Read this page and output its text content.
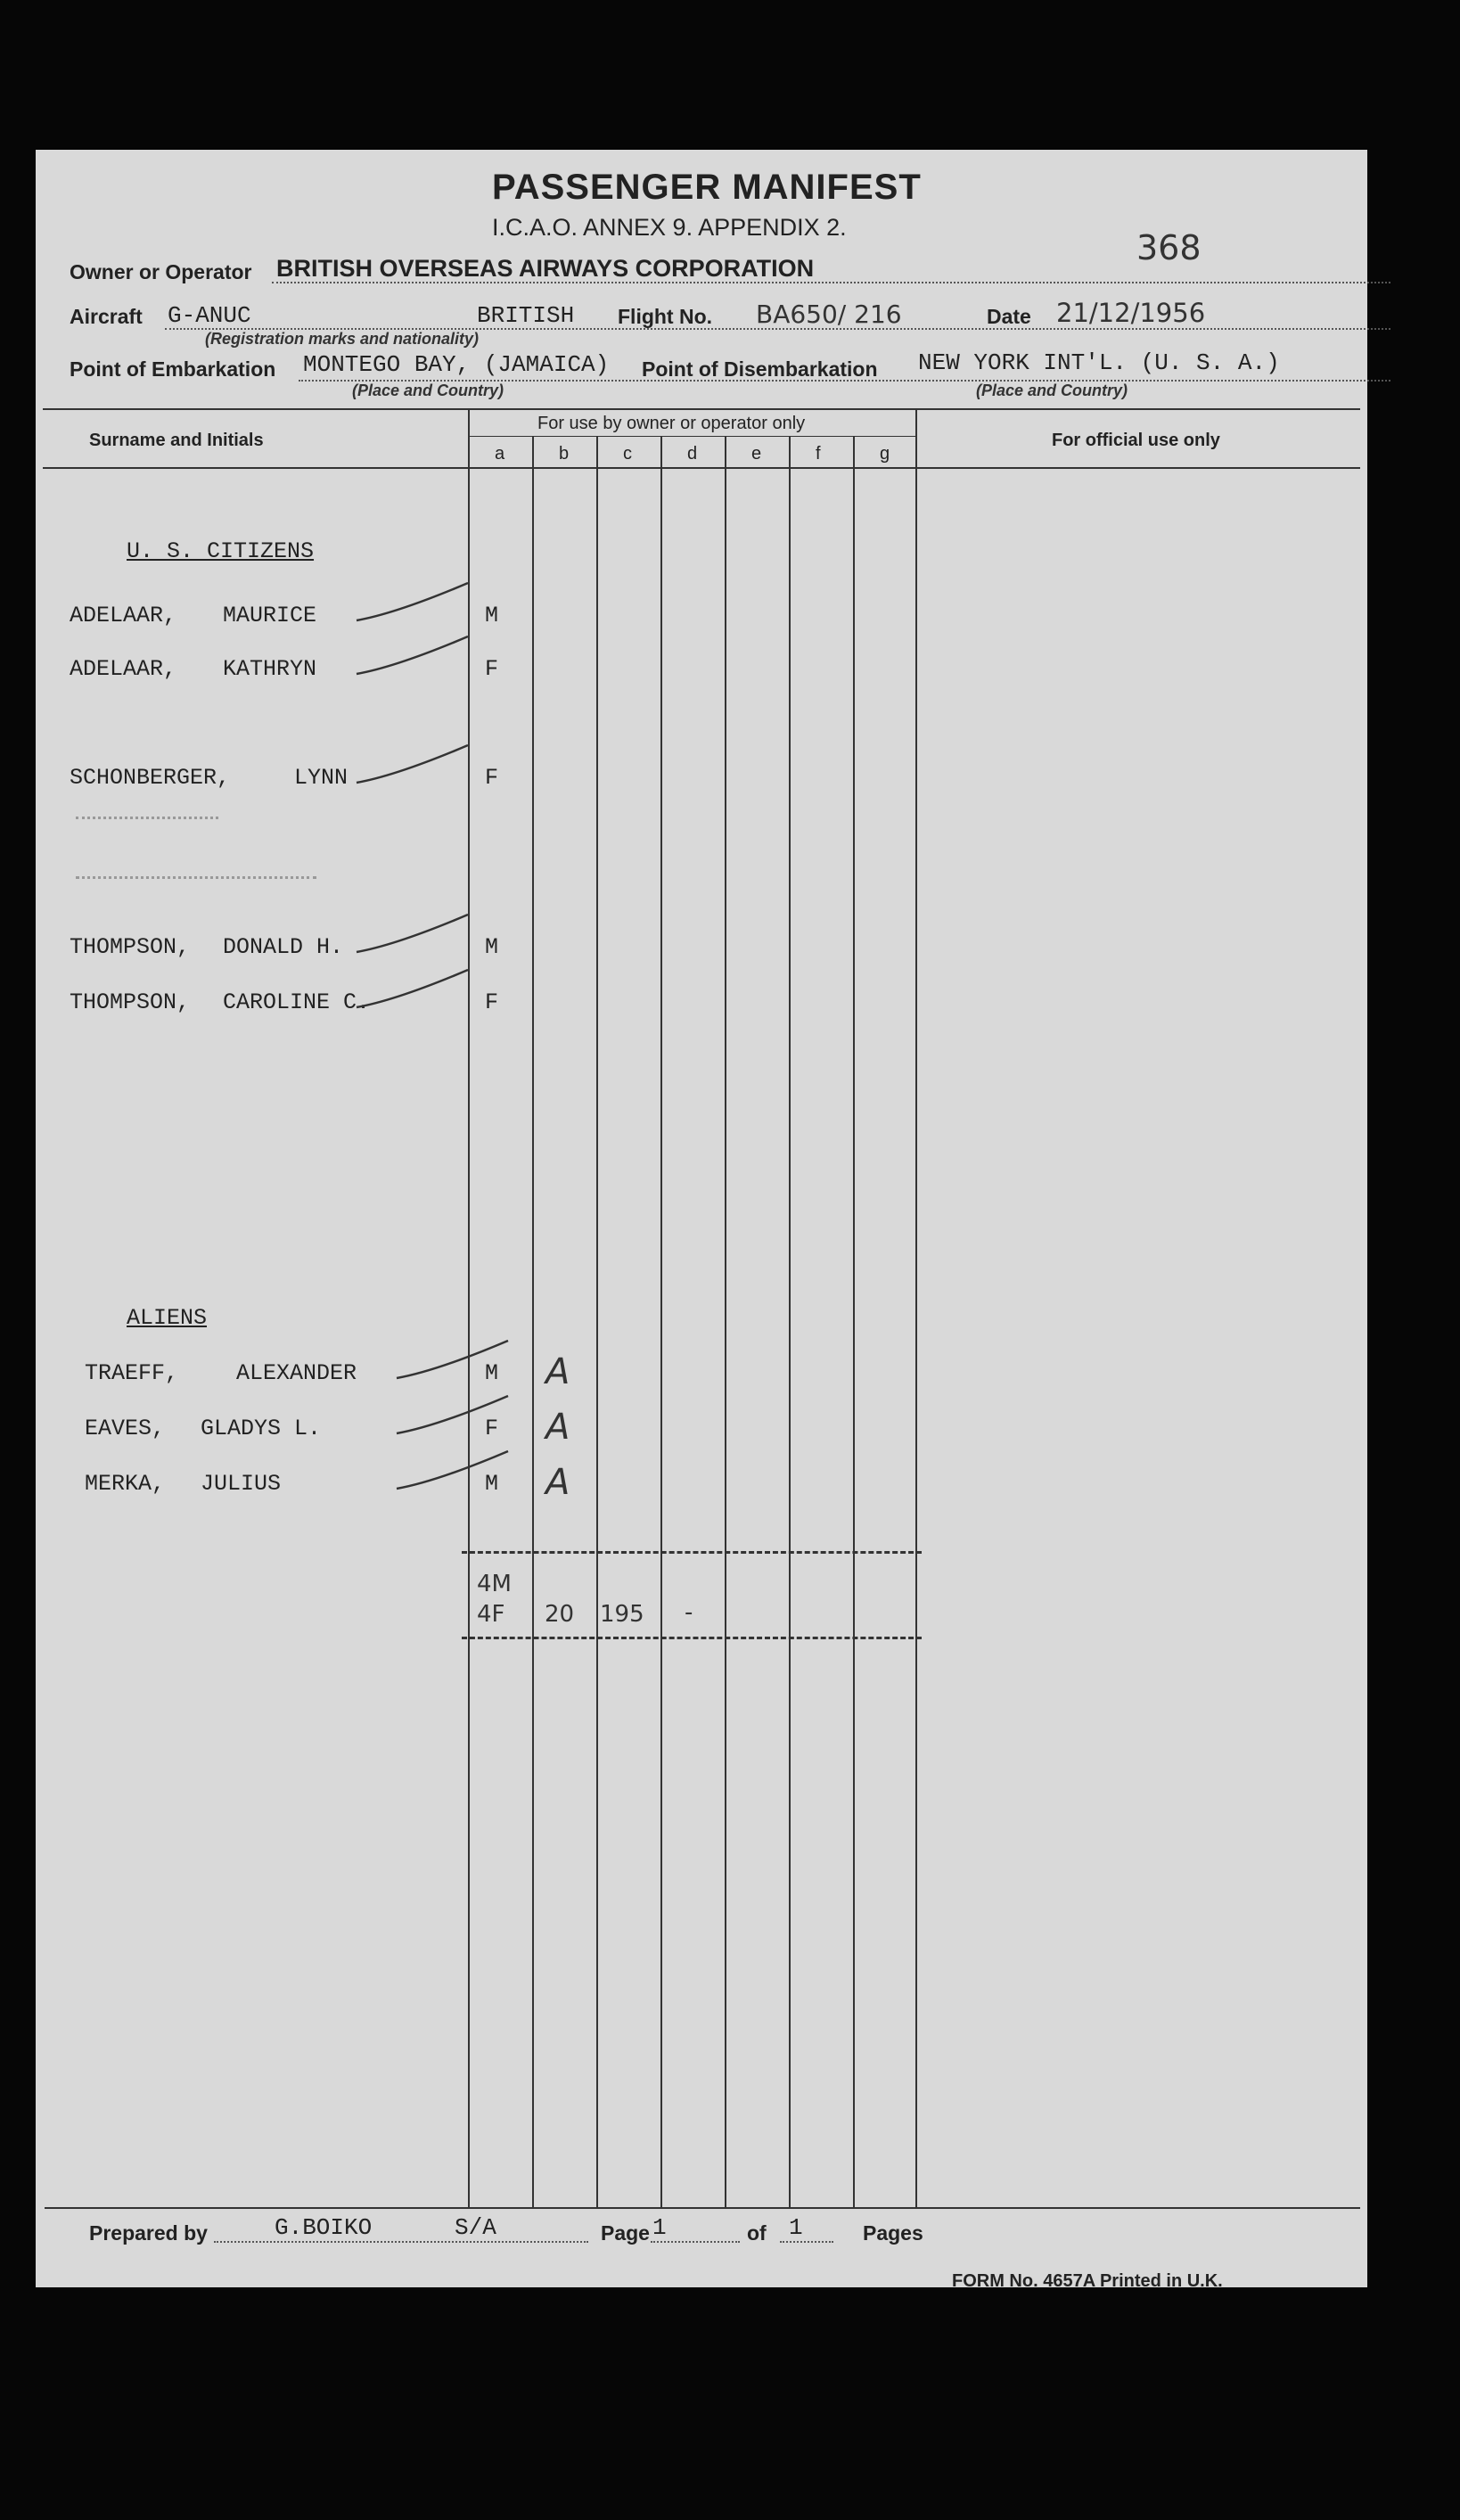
PASSENGER MANIFEST
I.C.A.O. ANNEX 9. APPENDIX 2.
368
Owner or Operator BRITISH OVERSEAS AIRWAYS CORPORATION
Aircraft G-ANUC	BRITISH Flight No. BA650/ 216	Date 21/12/1956
(Registration marks and nationality)
Point of Embarkation MONTEGO BAY, (JAMAICA) Point of Disembarkation NEW YORK INT'L. (U. S. A.)
(Place and Country)	(Place and Country)
Surname and Initials
For use by owner or operator only
For official use only
a	b	c	d	e	f	g
U. S. CITIZENS
ALIENS
ADELAAR, MAURICE	M
ADELAAR, KATHRYN	F
SCHONBERGER,	LYNN	F
THOMPSON, DONALD H.	M
THOMPSON, CAROLINE C.	F
TRAEFF,	ALEXANDER	M A
EAVES, GLADYS L.	F A
MERKA, JULIUS	M A
4M
4F 20 195 -
Prepared by	G.BOIKO	S/A	Page 1	of 1	Pages
FORM No. 4657A Printed in U.K.
